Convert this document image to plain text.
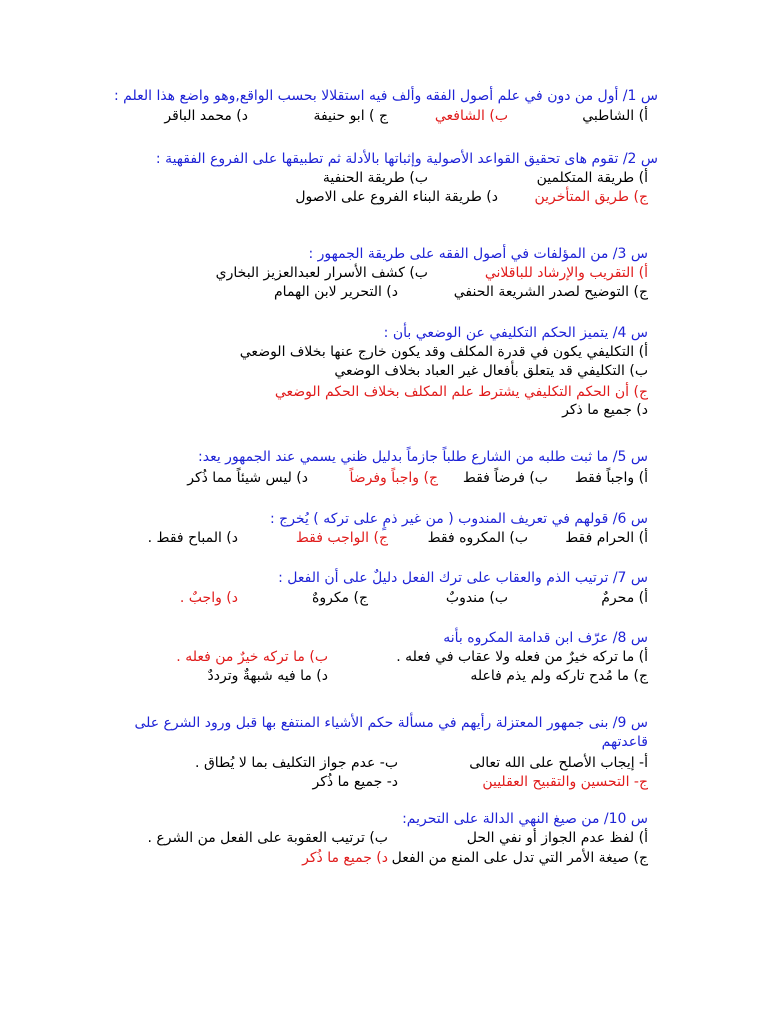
س 1/ أول من دون في علم أصول الفقه وألف فيه استقلالا بحسب الواقع,وهو واضع هذا العلم :
أ) الشاطبي
ب) الشافعي
ج ) ابو حنيفة
د) محمد الباقر
س 2/ تقوم هاى تحقيق القواعد الأصولية وإثباتها بالأدلة ثم تطبيقها على الفروع الفقهية :
أ) طريقة المتكلمين
ب) طريقة الحنفية
ج) طريق المتأخرين
د) طريقة البناء الفروع على الاصول
س 3/ من المؤلفات في أصول الفقه على طريقة الجمهور :
أ) التقريب والإرشاد للباقلاني
ب) كشف الأسرار لعبدالعزيز البخاري
ج) التوضيح لصدر الشريعة الحنفي
د) التحرير لابن الهمام
س 4/ يتميز الحكم التكليفي عن الوضعي بأن :
أ) التكليفي يكون في قدرة المكلف وقد يكون خارج عنها بخلاف الوضعي
ب) التكليفي قد يتعلق بأفعال غير العباد بخلاف الوضعي
ج) أن الحكم التكليفي يشترط علم المكلف بخلاف الحكم الوضعي
د) جميع ما ذكر
س 5/ ما ثبت طلبه من الشارع طلباً جازماً بدليل ظني يسمي عند الجمهور يعد:
أ) واجباً فقط
ب) فرضاً فقط
ج) واجباً وفرضاً
د) ليس شيئاً مما ذُكر
س 6/ قولهم في تعريف المندوب ( من غير ذمٍ على تركه ) يُخرج :
أ) الحرام فقط
ب) المكروه فقط
ج) الواجب فقط
د) المباح فقط .
س 7/ ترتيب الذم والعقاب على ترك الفعل دليلٌ على أن الفعل :
أ) محرمٌ
ب) مندوبٌ
ج) مكروهٌ
د) واجبٌ .
س 8/ عرّف ابن قدامة المكروه بأنه
أ) ما تركه خيرٌ من فعله ولا عقاب في فعله .
ب) ما تركه خيرٌ من فعله .
ج) ما مُدح تاركه ولم يذم فاعله
د) ما فيه شبهةٌ وترددٌ
س 9/ بنى جمهور المعتزلة رأيهم في مسألة حكم الأشياء المنتفع بها قبل ورود الشرع على
قاعدتهم
أ- إيجاب الأصلح على الله تعالى
ب- عدم جواز التكليف بما لا يُطاق .
ج- التحسين والتقبيح العقليين
د- جميع ما ذُكر
س 10/ من صيغ النهي الدالة على التحريم:
أ) لفظ عدم الجواز أو نفي الحل
ب) ترتيب العقوبة على الفعل من الشرع .
ج) صيغة الأمر التي تدل على المنع من الفعل
د) جميع ما ذُكر
